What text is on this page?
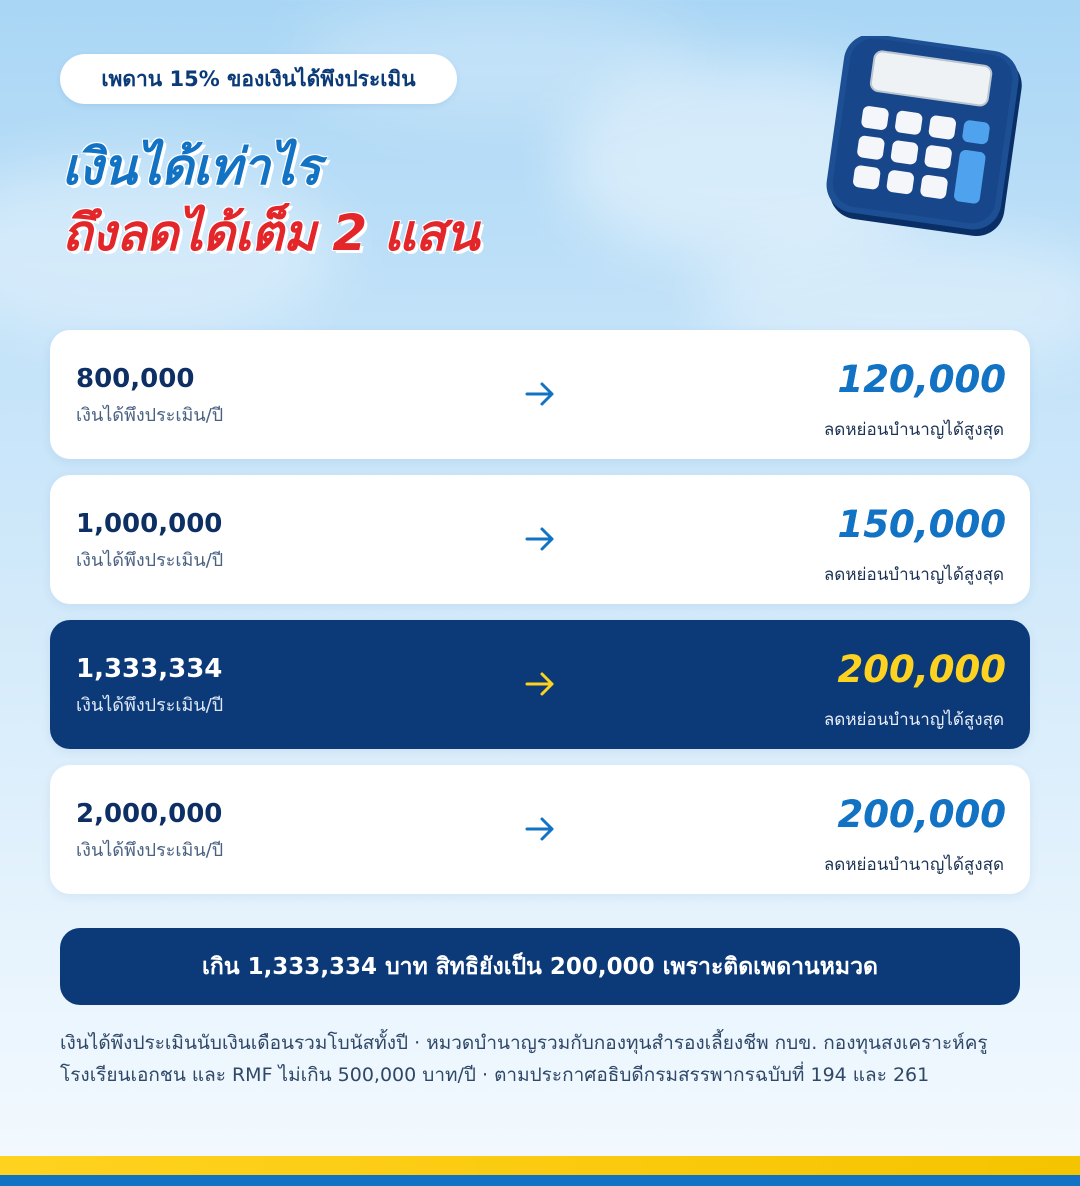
เพดาน 15% ของเงินได้พึงประเมิน
เงินได้เท่าไร
ถึงลดได้เต็ม 2 แสน
800,000
เงินได้พึงประเมิน/ปี
120,000
ลดหย่อนบำนาญได้สูงสุด
1,000,000
เงินได้พึงประเมิน/ปี
150,000
ลดหย่อนบำนาญได้สูงสุด
1,333,334
เงินได้พึงประเมิน/ปี
200,000
ลดหย่อนบำนาญได้สูงสุด
2,000,000
เงินได้พึงประเมิน/ปี
200,000
ลดหย่อนบำนาญได้สูงสุด
เกิน 1,333,334 บาท สิทธิยังเป็น 200,000 เพราะติดเพดานหมวด
เงินได้พึงประเมินนับเงินเดือนรวมโบนัสทั้งปี · หมวดบำนาญรวมกับกองทุนสำรองเลี้ยงชีพ กบข. กองทุนสงเคราะห์ครูโรงเรียนเอกชน และ RMF ไม่เกิน 500,000 บาท/ปี · ตามประกาศอธิบดีกรมสรรพากรฉบับที่ 194 และ 261
